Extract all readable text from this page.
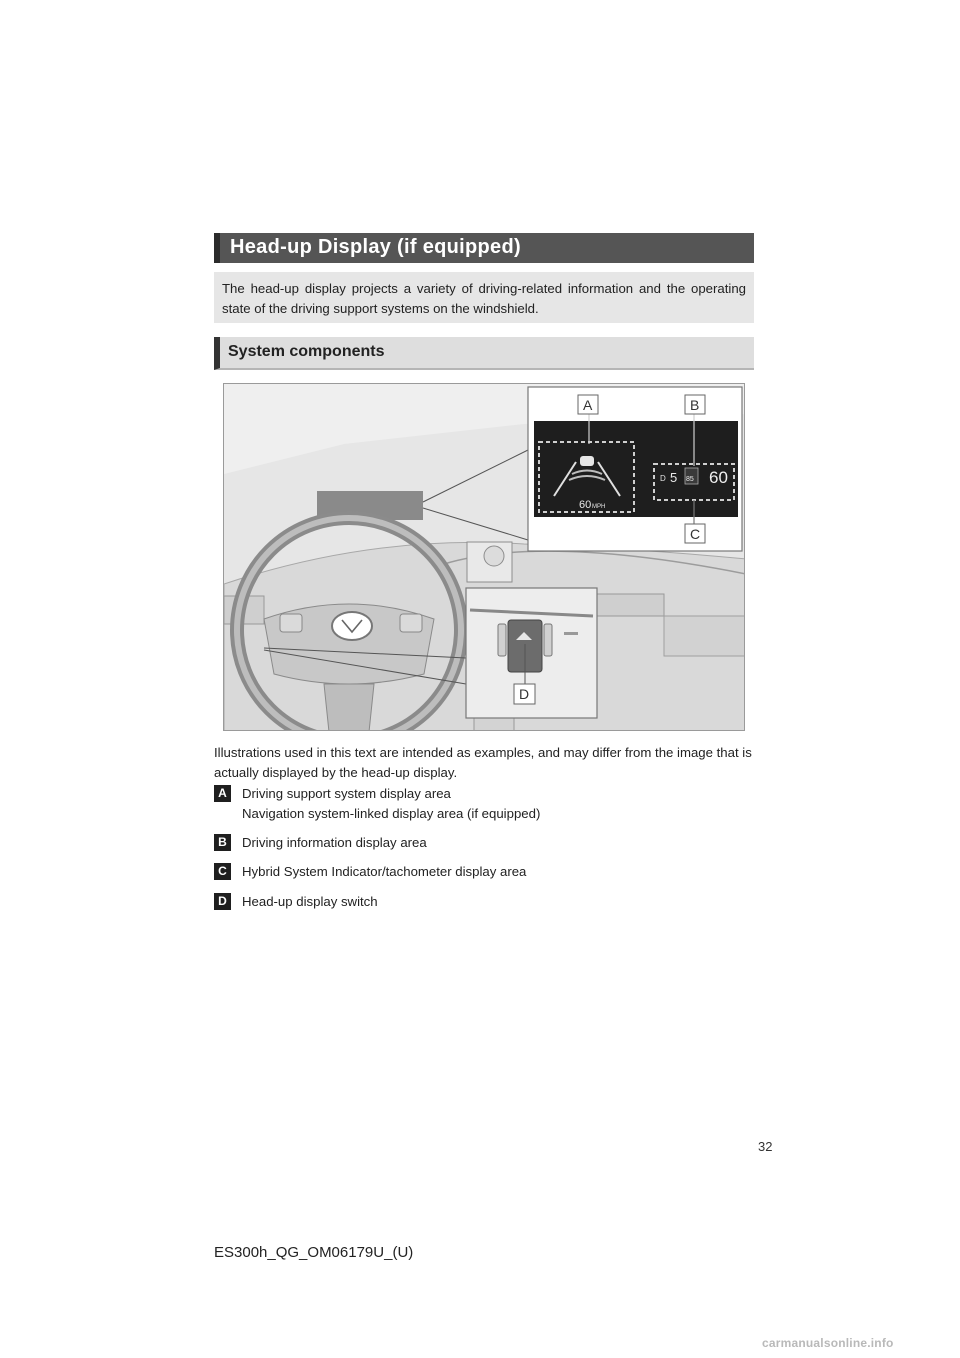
Head-up Display (if equipped)
The head-up display projects a variety of driving-related information and the operating state of the driving support systems on the windshield.
System components
A	B
C
60 MPH
D 5 85 60
D
Illustrations used in this text are intended as examples, and may differ from the image that is actually displayed by the head-up display.
A	Driving support system display area
Navigation system-linked display area (if equipped)
B	Driving information display area
C	Hybrid System Indicator/tachometer display area
D	Head-up display switch
32
ES300h_QG_OM06179U_(U)
carmanualsonline.info
